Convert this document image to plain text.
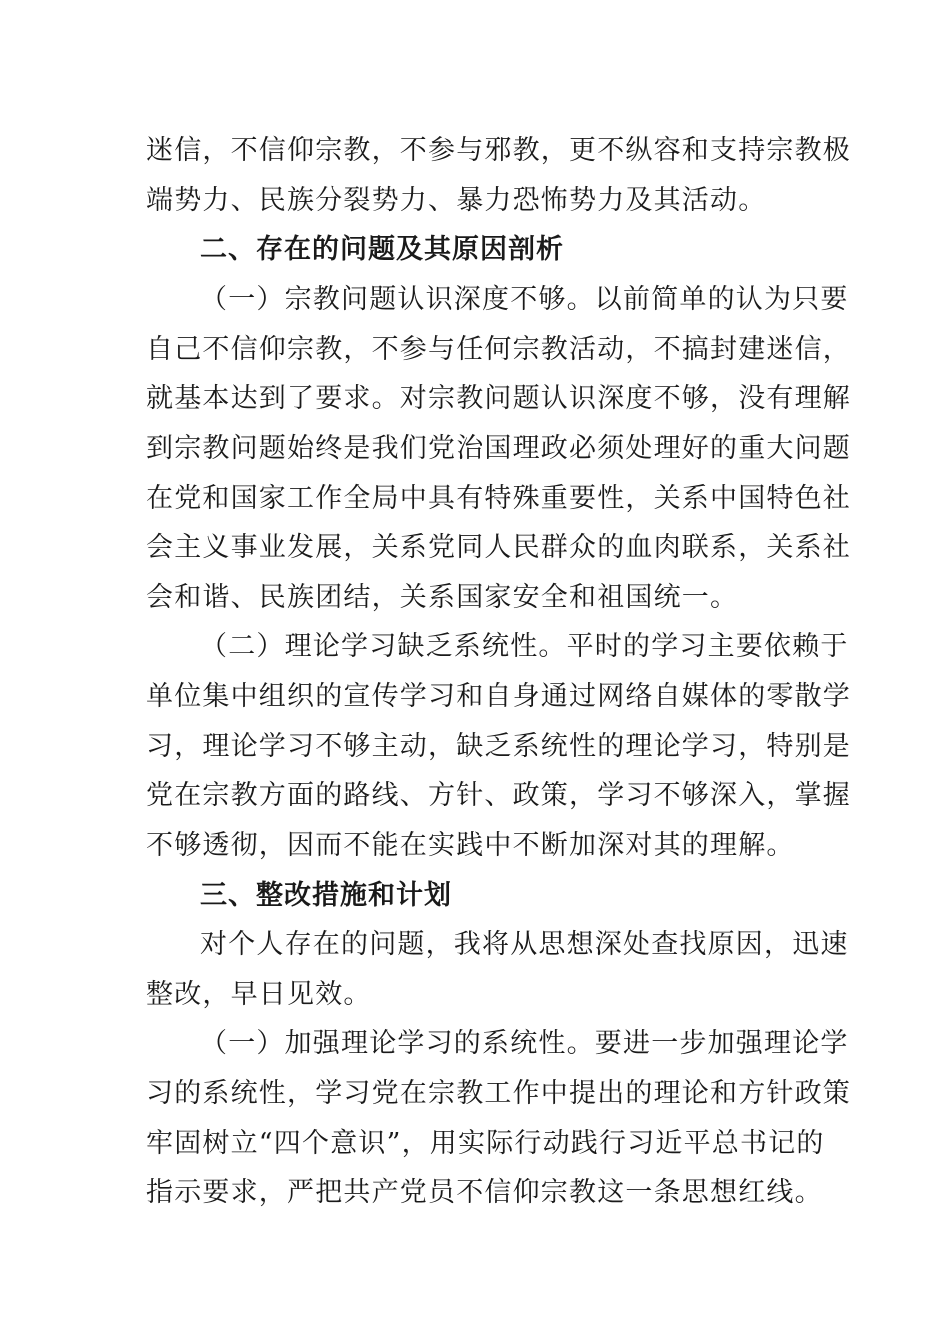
迷信，不信仰宗教，不参与邪教，更不纵容和支持宗教极
端势力、民族分裂势力、暴力恐怖势力及其活动。
二、存在的问题及其原因剖析
（一）宗教问题认识深度不够。以前简单的认为只要
自己不信仰宗教，不参与任何宗教活动，不搞封建迷信，
就基本达到了要求。对宗教问题认识深度不够，没有理解
到宗教问题始终是我们党治国理政必须处理好的重大问题
在党和国家工作全局中具有特殊重要性，关系中国特色社
会主义事业发展，关系党同人民群众的血肉联系，关系社
会和谐、民族团结，关系国家安全和祖国统一。
（二）理论学习缺乏系统性。平时的学习主要依赖于
单位集中组织的宣传学习和自身通过网络自媒体的零散学
习，理论学习不够主动，缺乏系统性的理论学习，特别是
党在宗教方面的路线、方针、政策，学习不够深入，掌握
不够透彻，因而不能在实践中不断加深对其的理解。
三、整改措施和计划
对个人存在的问题，我将从思想深处查找原因，迅速
整改，早日见效。
（一）加强理论学习的系统性。要进一步加强理论学
习的系统性，学习党在宗教工作中提出的理论和方针政策
牢固树立“四个意识”，用实际行动践行习近平总书记的
指示要求，严把共产党员不信仰宗教这一条思想红线。
